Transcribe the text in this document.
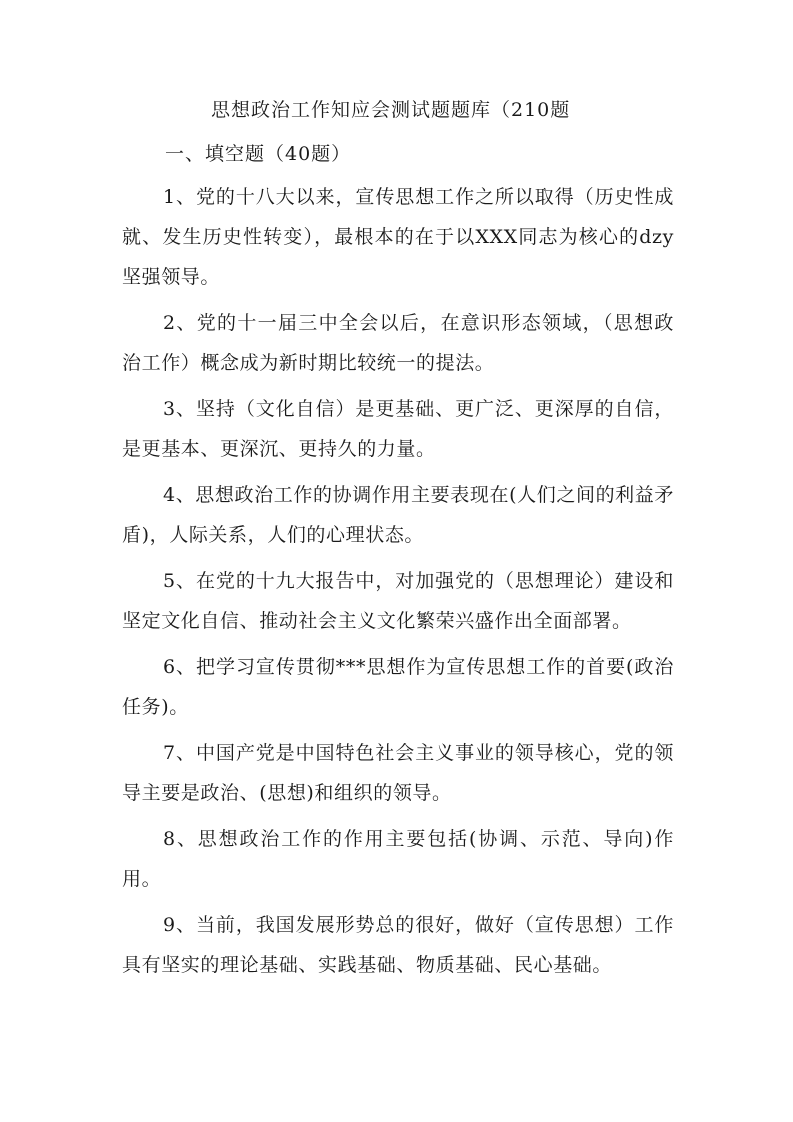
思想政治工作知应会测试题题库（210题
一、填空题（40题）

1、党的十八大以来，宣传思想工作之所以取得（历史性成就、发生历史性转变），最根本的在于以XXX同志为核心的dzy坚强领导。

2、党的十一届三中全会以后，在意识形态领域，（思想政治工作）概念成为新时期比较统一的提法。

3、坚持（文化自信）是更基础、更广泛、更深厚的自信，是更基本、更深沉、更持久的力量。

4、思想政治工作的协调作用主要表现在(人们之间的利益矛盾)，人际关系，人们的心理状态。

5、在党的十九大报告中，对加强党的（思想理论）建设和坚定文化自信、推动社会主义文化繁荣兴盛作出全面部署。

6、把学习宣传贯彻***思想作为宣传思想工作的首要(政治任务)。

7、中国产党是中国特色社会主义事业的领导核心，党的领导主要是政治、(思想)和组织的领导。

8、思想政治工作的作用主要包括(协调、示范、导向)作用。

9、当前，我国发展形势总的很好，做好（宣传思想）工作具有坚实的理论基础、实践基础、物质基础、民心基础。
